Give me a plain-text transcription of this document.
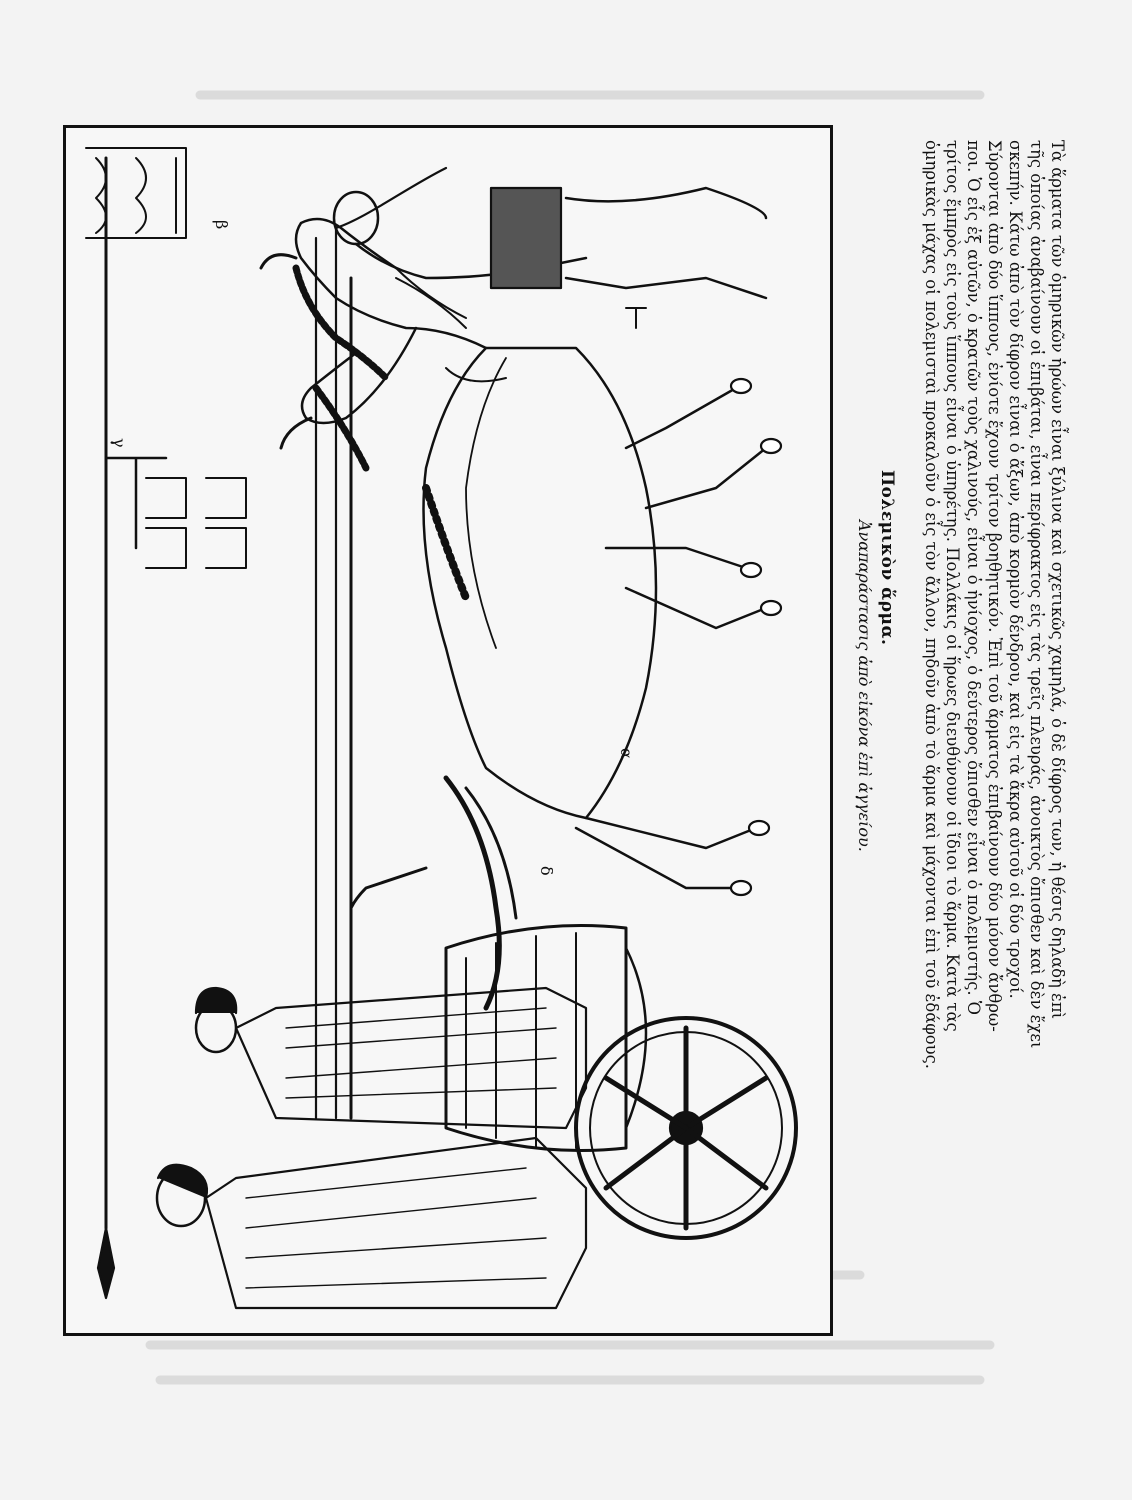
α
β
γ
δ
Πολεμικὸν ἅρμα.
Ἀναπαράστασις ἀπὸ εἰκόνα ἐπὶ ἀγγείου.	Τὰ ἅρματα τῶν ὁμηρικῶν ἡρώων εἶναι ξύλινα καὶ σχετικῶς χαμηλά, ὁ δὲ δίφρος των, ἡ θέσις δηλαδὴ ἐπὶ

τῆς ὁποίας ἀναβαίνουν οἱ ἐπιβάται, εἶναι περίφρακτος εἰς τὰς τρεῖς πλευράς, ἀνοικτὸς ὄπισθεν καὶ δὲν ἔχει

σκεπήν. Κάτω ἀπὸ τὸν δίφρον εἶναι ὁ ἄξων, ἀπὸ κορμὸν δένδρου, καὶ εἰς τὰ ἄκρα αὐτοῦ οἱ δύο τροχοί.

Σύρονται ἀπὸ δύο ἵππους, ἐνίοτε ἔχουν τρίτον βοηθητικόν. Ἐπὶ τοῦ ἅρματος ἐπιβαίνουν δύο μόνον ἄνθρω-

ποι. Ὁ εἷς ἐξ αὐτῶν, ὁ κρατῶν τοὺς χαλινούς, εἶναι ὁ ἡνίοχος, ὁ δεύτερος ὄπισθεν εἶναι ὁ πολεμιστής. Ὁ

τρίτος ἔμπρὸς εἰς τοὺς ἵππους εἶναι ὁ ὑπηρέτης. Πολλάκις οἱ ἥρωες διευθύνουν οἱ ἴδιοι τὸ ἅρμα. Κατὰ τὰς

ὁμηρικὰς μάχας οἱ πολεμισταὶ προκαλοῦν ὁ εἷς τὸν ἄλλον, πηδοῦν ἀπὸ τὸ ἅρμα καὶ μάχονται ἐπὶ τοῦ ἐδάφους.
